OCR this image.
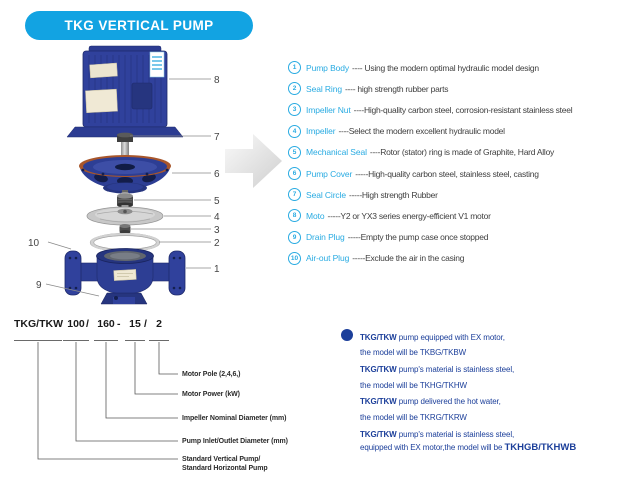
TKG VERTICAL PUMP
8
7
6
5
4
3
2
1
10
9
1	Pump Body ---- Using the modern optimal hydraulic model design
2	Seal Ring ---- high strength rubber parts
3	Impeller Nut ----High-quality carbon steel, corrosion-resistant stainless steel
4	Impeller ----Select the modern excellent hydraulic model
5	Mechanical Seal ----Rotor (stator) ring is made of Graphite, Hard Alloy
6	Pump Cover -----High-quality carbon steel, stainless steel, casting
7	Seal Circle -----High strength Rubber
8	Moto -----Y2 or YX3 series energy-efficient V1 motor
9	Drain Plug -----Empty the pump case once stopped
10 Air-out Plug -----Exclude the air in the casing
TKG/TKW 100 / 160 - 15 / 2
Motor Pole (2,4,6,)
Motor Power (kW)
Impeller Nominal Diameter (mm)
Pump Inlet/Outlet Diameter (mm)
Standard Vertical Pump/
Standard Horizontal Pump
TKG/TKW pump equipped with EX motor,
the model will be TKBG/TKBW
TKG/TKW pump's material is stainless steel,
the model will be TKHG/TKHW
TKG/TKW pump delivered the hot water,
the model will be TKRG/TKRW
TKG/TKW pump's material is stainless steel,
equipped with EX motor,the model will be TKHGB/TKHWB
